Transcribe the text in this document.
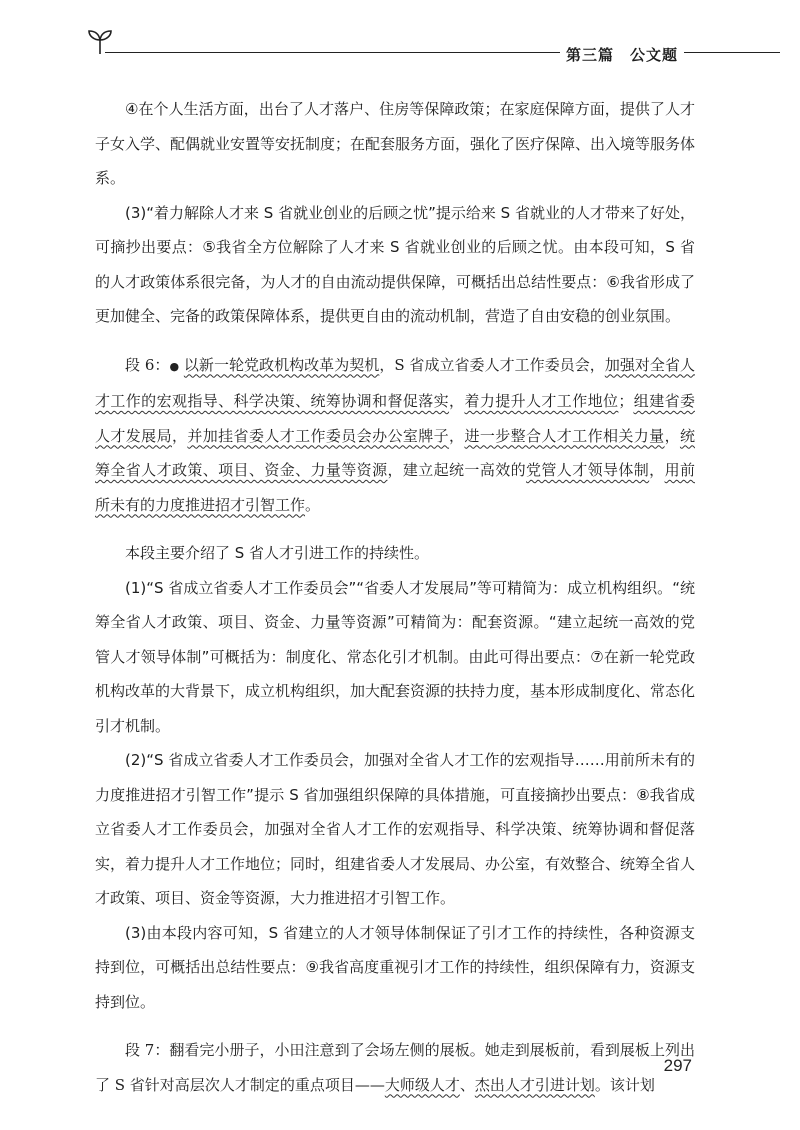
第三篇　公文题

④在个人生活方面，出台了人才落户、住房等保障政策；在家庭保障方面，提供了人才子女入学、配偶就业安置等安抚制度；在配套服务方面，强化了医疗保障、出入境等服务体系。

(3)“着力解除人才来 S 省就业创业的后顾之忧”提示给来 S 省就业的人才带来了好处，可摘抄出要点：⑤我省全方位解除了人才来 S 省就业创业的后顾之忧。由本段可知，S 省的人才政策体系很完备，为人才的自由流动提供保障，可概括出总结性要点：⑥我省形成了更加健全、完备的政策保障体系，提供更自由的流动机制，营造了自由安稳的创业氛围。

段 6：● 以新一轮党政机构改革为契机，S 省成立省委人才工作委员会，加强对全省人才工作的宏观指导、科学决策、统筹协调和督促落实，着力提升人才工作地位；组建省委人才发展局，并加挂省委人才工作委员会办公室牌子，进一步整合人才工作相关力量，统筹全省人才政策、项目、资金、力量等资源，建立起统一高效的党管人才领导体制，用前所未有的力度推进招才引智工作。

本段主要介绍了 S 省人才引进工作的持续性。

(1)“S 省成立省委人才工作委员会”“省委人才发展局”等可精简为：成立机构组织。“统筹全省人才政策、项目、资金、力量等资源”可精简为：配套资源。“建立起统一高效的党管人才领导体制”可概括为：制度化、常态化引才机制。由此可得出要点：⑦在新一轮党政机构改革的大背景下，成立机构组织，加大配套资源的扶持力度，基本形成制度化、常态化引才机制。

(2)“S 省成立省委人才工作委员会，加强对全省人才工作的宏观指导……用前所未有的力度推进招才引智工作”提示 S 省加强组织保障的具体措施，可直接摘抄出要点：⑧我省成立省委人才工作委员会，加强对全省人才工作的宏观指导、科学决策、统筹协调和督促落实，着力提升人才工作地位；同时，组建省委人才发展局、办公室，有效整合、统筹全省人才政策、项目、资金等资源，大力推进招才引智工作。

(3)由本段内容可知，S 省建立的人才领导体制保证了引才工作的持续性，各种资源支持到位，可概括出总结性要点：⑨我省高度重视引才工作的持续性，组织保障有力，资源支持到位。

段 7：翻看完小册子，小田注意到了会场左侧的展板。她走到展板前，看到展板上列出了 S 省针对高层次人才制定的重点项目——大师级人才、杰出人才引进计划。该计划

297
